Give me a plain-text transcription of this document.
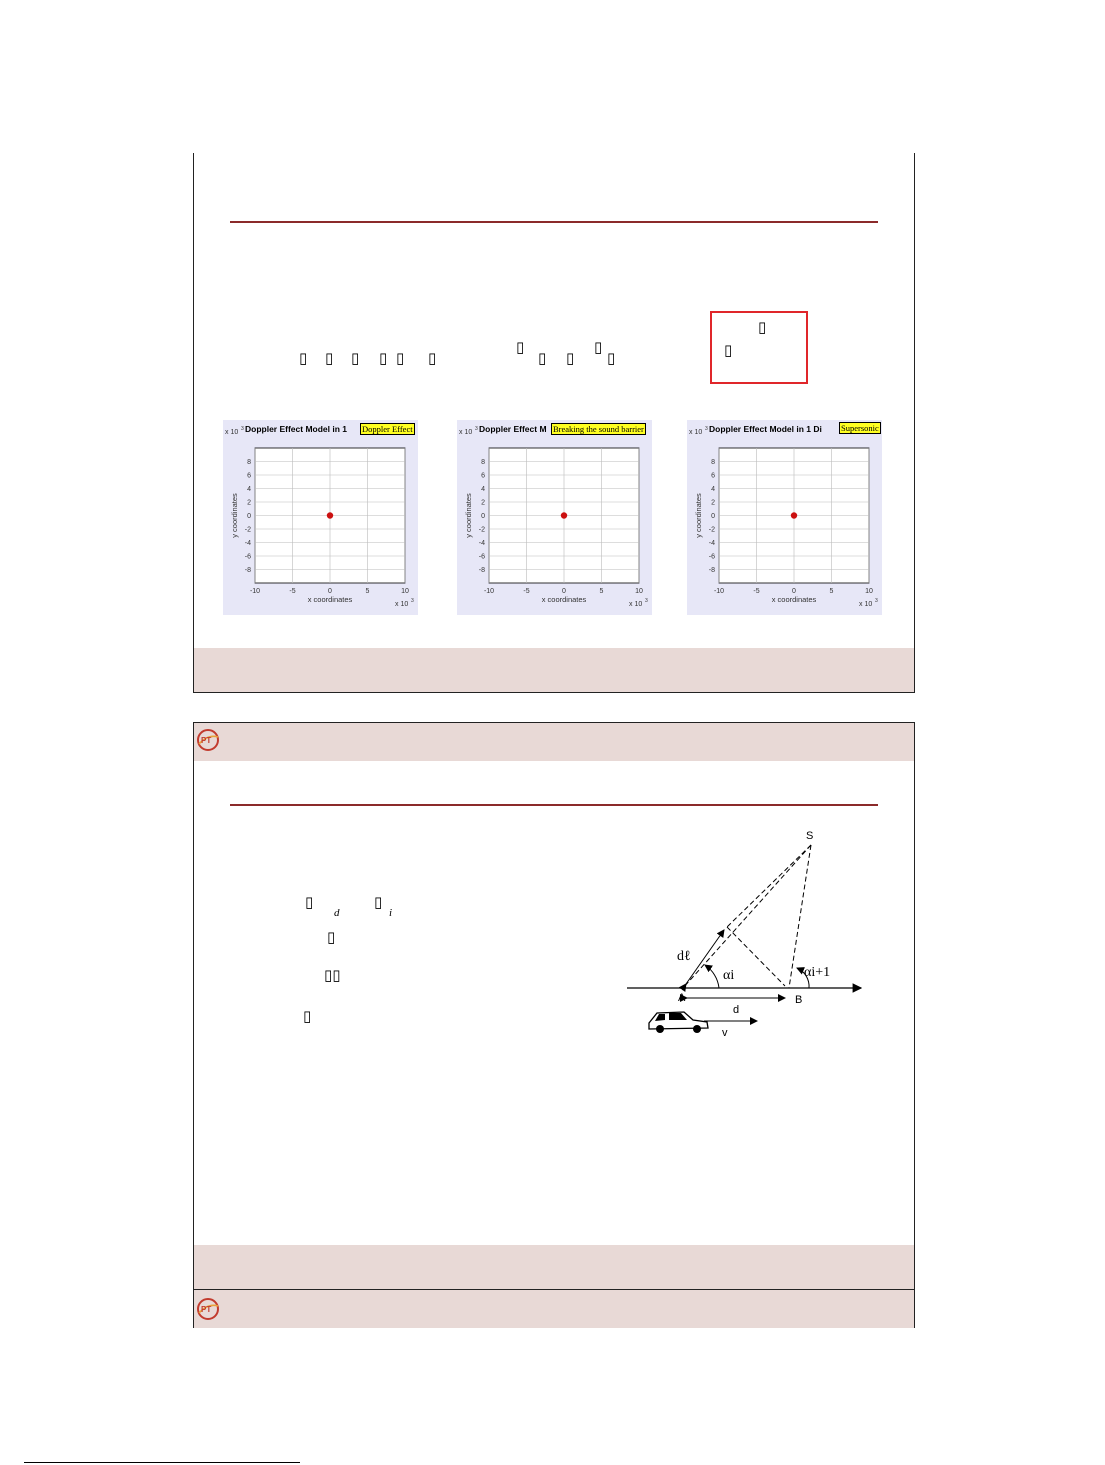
▯ ▯ ▯ ▯ ▯ ▯
▯	▯
▯ ▯ ▯
▯
▯
-10	-5	0	5	10
8
6
4
2
0
-2
-4
-6
-8
x coordinates
y coordinates
x 10 3
x 10 3
Doppler Effect Model in 1 Doppler Effect
-10	-5	0	5	10
8
6
4
2
0
-2
-4
-6
-8
x coordinates
y coordinates
x 10 3
x 10 3
Doppler Effect M Breaking the sound barrier
-10	-5	0	5	10
8
6
4
2
0
-2
-4
-6
-8
x coordinates
y coordinates
x 10 3
x 10 3
Doppler Effect Model in 1 Di Supersonic
PT
▯
d
▯
i
▯
▯▯
▯
S
A	B
d
v
dℓ
αi	αi+1
PT
